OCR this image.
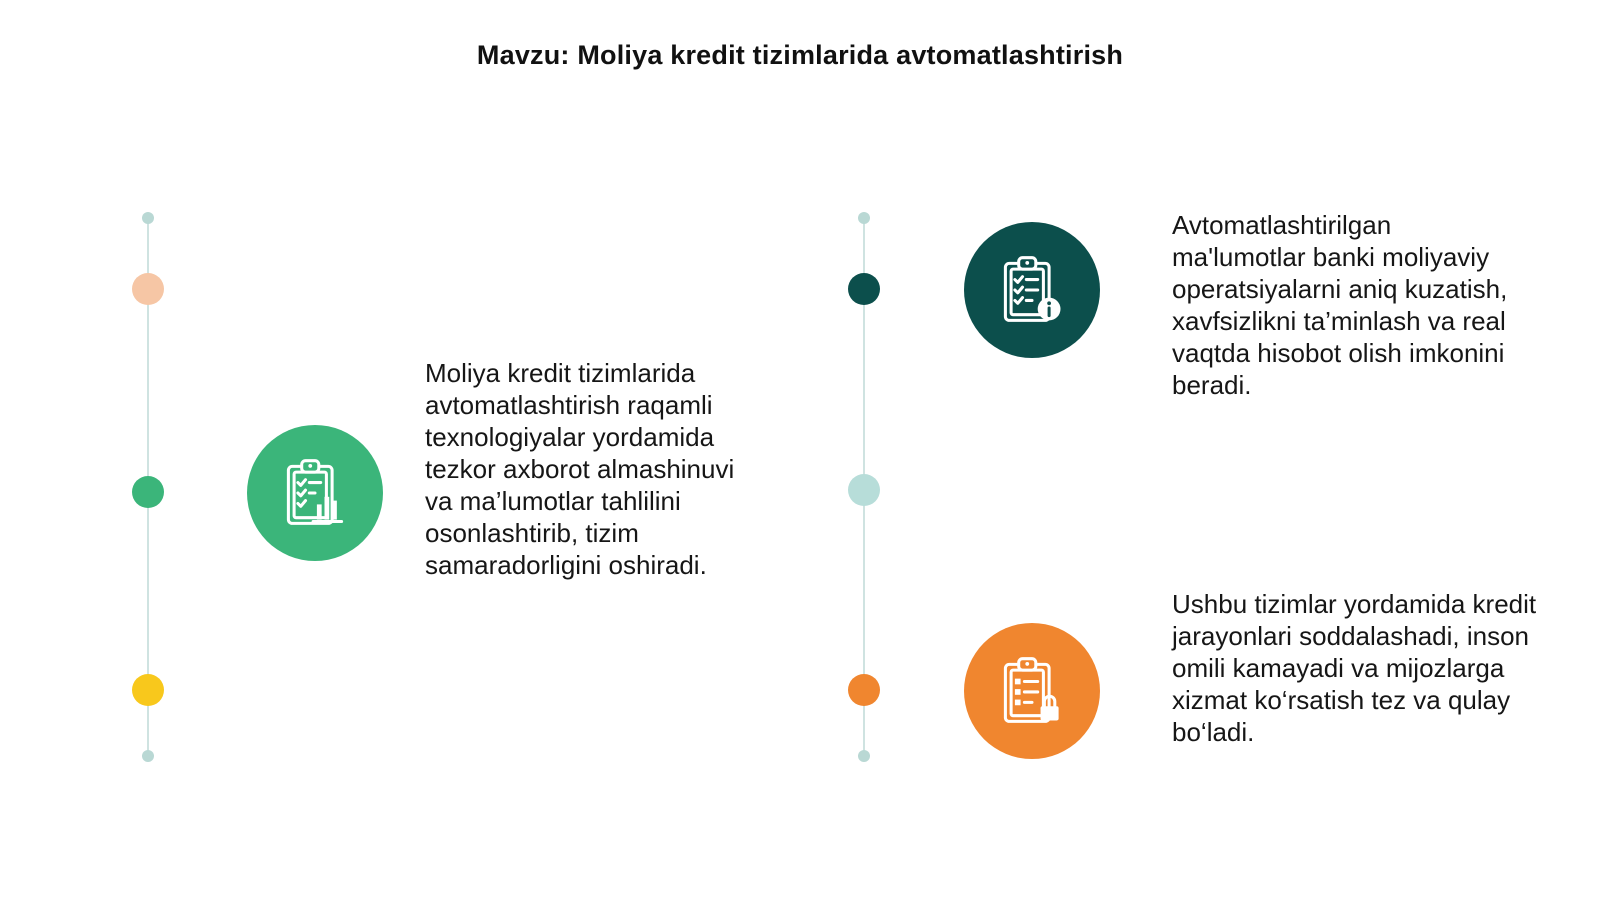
Mavzu: Moliya kredit tizimlarida avtomatlashtirish
Moliya kredit tizimlarida avtomatlashtirish raqamli texnologiyalar yordamida tezkor axborot almashinuvi va ma’lumotlar tahlilini osonlashtirib, tizim samaradorligini oshiradi.
Avtomatlashtirilgan ma'lumotlar banki moliyaviy operatsiyalarni aniq kuzatish, xavfsizlikni ta’minlash va real vaqtda hisobot olish imkonini beradi.
Ushbu tizimlar yordamida kredit jarayonlari soddalashadi, inson omili kamayadi va mijozlarga xizmat ko‘rsatish tez va qulay bo‘ladi.
